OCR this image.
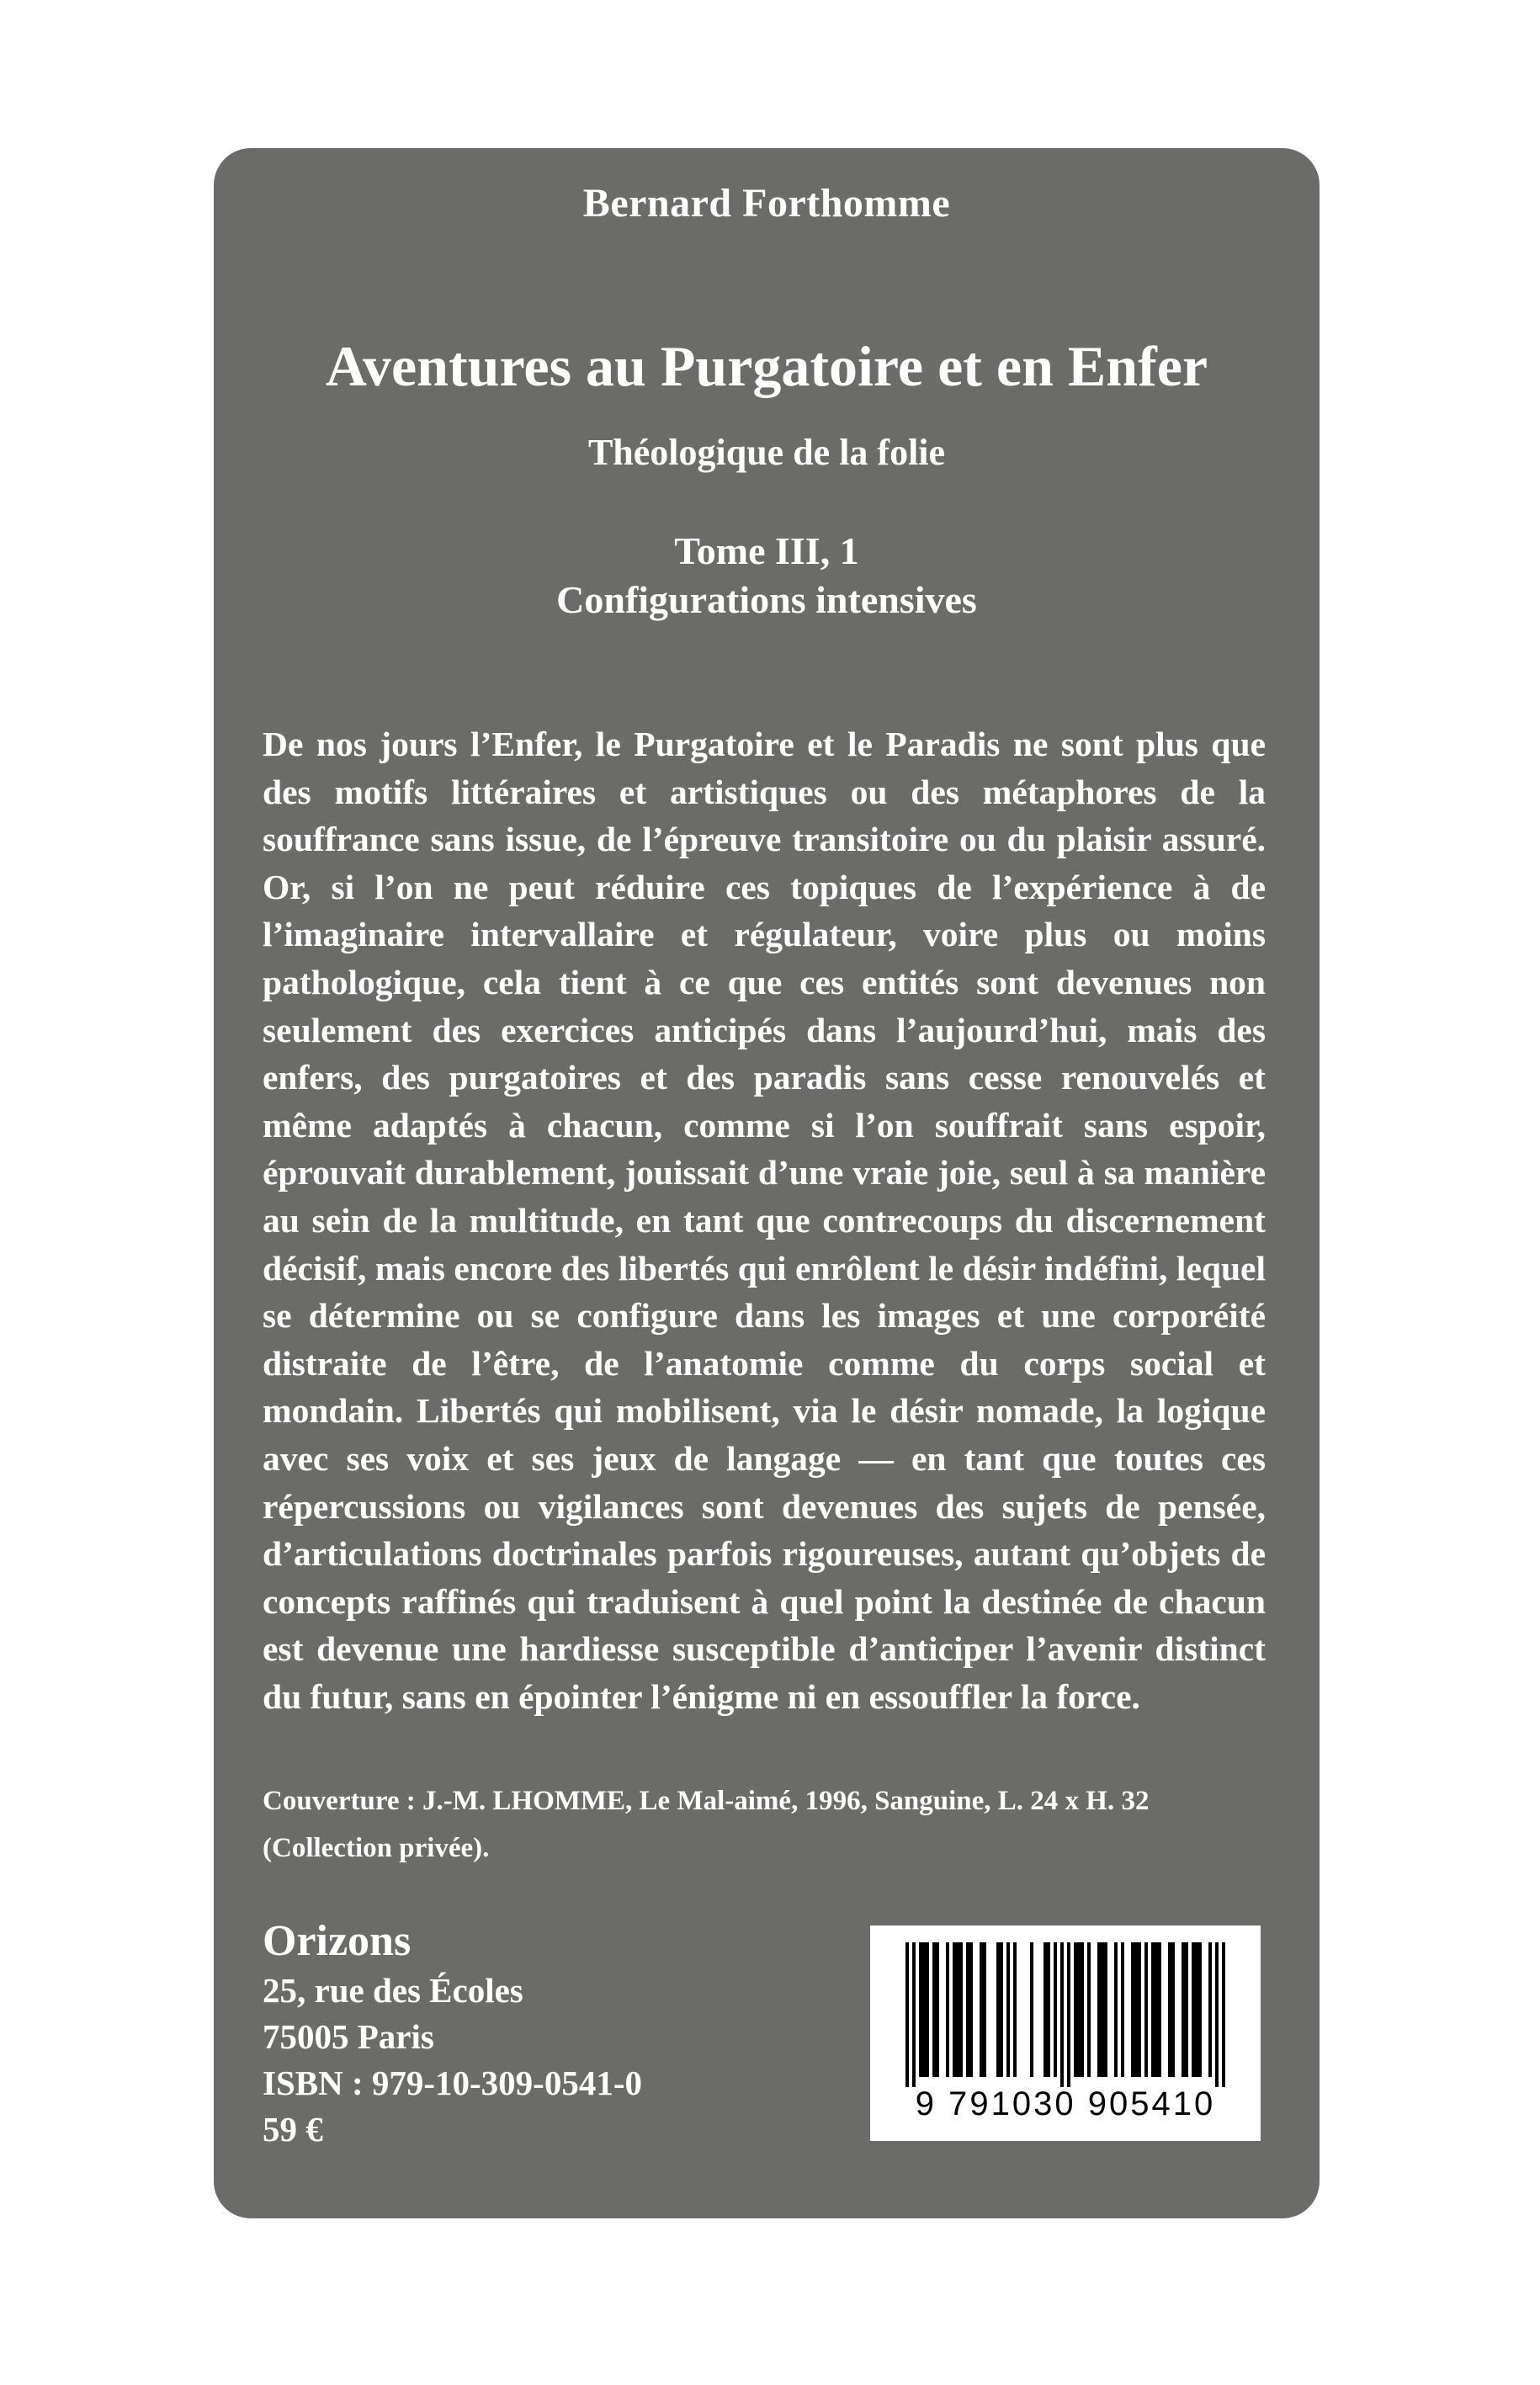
Bernard Forthomme
Aventures au Purgatoire et en Enfer
Théologique de la folie
Tome III, 1
Configurations intensives

De nos jours l’Enfer, le Purgatoire et le Paradis ne sont plus que des motifs littéraires et artistiques ou des métaphores de la souffrance sans issue, de l’épreuve transitoire ou du plaisir assuré. Or, si l’on ne peut réduire ces topiques de l’expérience à de l’imaginaire intervallaire et régulateur, voire plus ou moins pathologique, cela tient à ce que ces entités sont devenues non seulement des exercices anticipés dans l’aujourd’hui, mais des enfers, des purgatoires et des paradis sans cesse renouvelés et même adaptés à chacun, comme si l’on souffrait sans espoir, éprouvait durablement, jouissait d’une vraie joie, seul à sa manière au sein de la multitude, en tant que contrecoups du discernement décisif, mais encore des libertés qui enrôlent le désir indéfini, lequel se détermine ou se configure dans les images et une corporéité distraite de l’être, de l’anatomie comme du corps social et mondain. Libertés qui mobilisent, via le désir nomade, la logique avec ses voix et ses jeux de langage — en tant que toutes ces répercussions ou vigilances sont devenues des sujets de pensée, d’articulations doctrinales parfois rigoureuses, autant qu’objets de concepts raffinés qui traduisent à quel point la destinée de chacun est devenue une hardiesse susceptible d’anticiper l’avenir distinct du futur, sans en épointer l’énigme ni en essouffler la force.

Couverture : J.-M. LHOMME, Le Mal-aimé, 1996, Sanguine, L. 24 x H. 32 (Collection privée).

Orizons
25, rue des Écoles
75005 Paris
ISBN : 979-10-309-0541-0
59 €
9 791030 905410
